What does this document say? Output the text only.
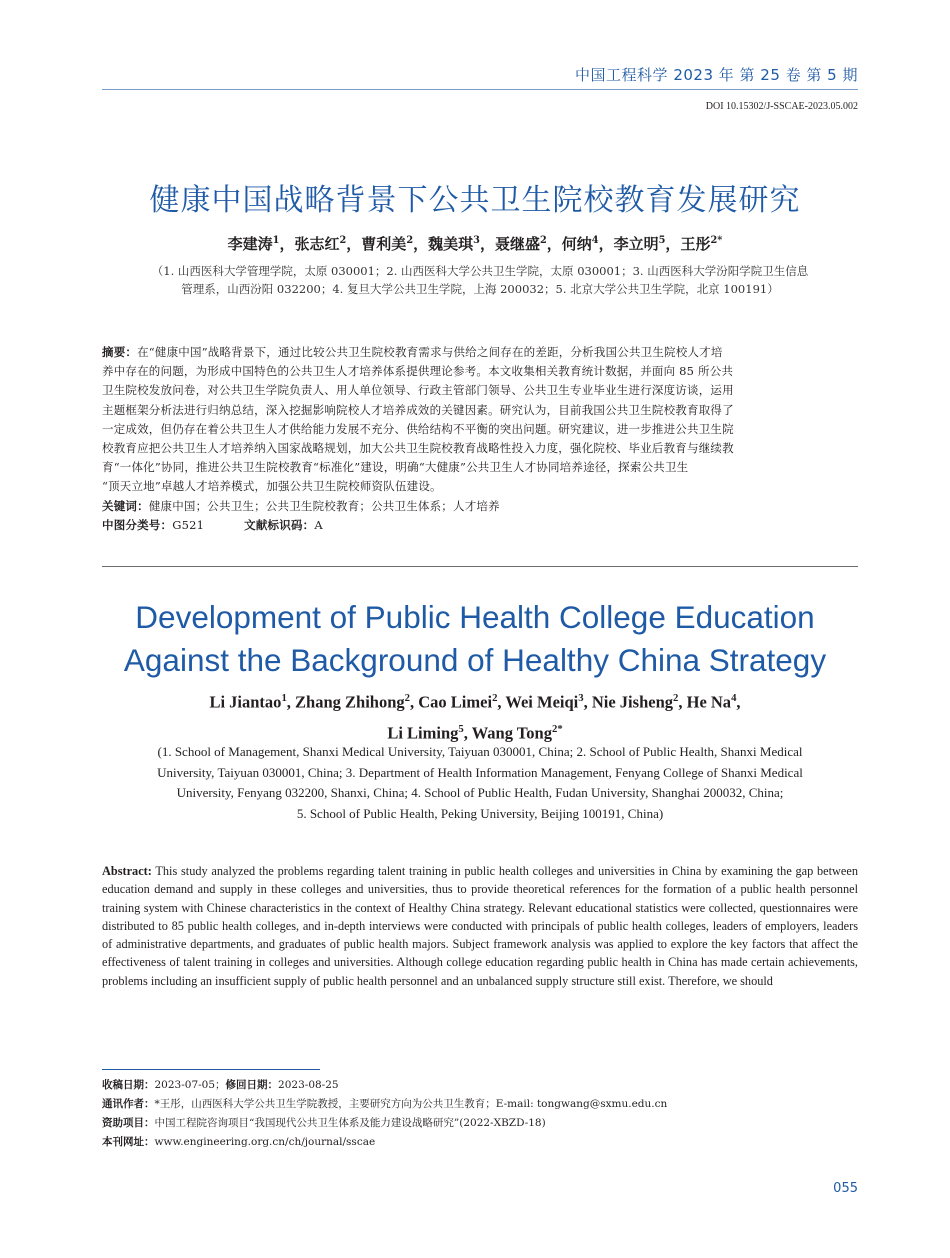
中国工程科学 2023 年 第 25 卷 第 5 期
DOI 10.15302/J-SSCAE-2023.05.002
健康中国战略背景下公共卫生院校教育发展研究
李建涛$^1$，张志红$^2$，曹利美$^2$，魏美琪$^3$，聂继盛$^2$，何纳$^4$，李立明$^5$，王彤$^{2*}$
（1. 山西医科大学管理学院，太原 030001；2. 山西医科大学公共卫生学院，太原 030001；3. 山西医科大学汾阳学院卫生信息
管理系，山西汾阳 032200；4. 复旦大学公共卫生学院，上海 200032；5. 北京大学公共卫生学院，北京 100191）
摘要：在“健康中国”战略背景下，通过比较公共卫生院校教育需求与供给之间存在的差距，分析我国公共卫生院校人才培
养中存在的问题，为形成中国特色的公共卫生人才培养体系提供理论参考。本文收集相关教育统计数据，并面向 85 所公共
卫生院校发放问卷，对公共卫生学院负责人、用人单位领导、行政主管部门领导、公共卫生专业毕业生进行深度访谈，运用
主题框架分析法进行归纳总结，深入挖掘影响院校人才培养成效的关键因素。研究认为，目前我国公共卫生院校教育取得了
一定成效，但仍存在着公共卫生人才供给能力发展不充分、供给结构不平衡的突出问题。研究建议，进一步推进公共卫生院
校教育应把公共卫生人才培养纳入国家战略规划，加大公共卫生院校教育战略性投入力度，强化院校、毕业后教育与继续教
育“一体化”协同，推进公共卫生院校教育“标准化”建设，明确“大健康”公共卫生人才协同培养途径，探索公共卫生
“顶天立地”卓越人才培养模式，加强公共卫生院校师资队伍建设。
关键词：健康中国；公共卫生；公共卫生院校教育；公共卫生体系；人才培养
中图分类号：G521	文献标识码：A
Development of Public Health College Education
Against the Background of Healthy China Strategy
Li Jiantao$^1$, Zhang Zhihong$^2$, Cao Limei$^2$, Wei Meiqi$^3$, Nie Jisheng$^2$, He Na$^4$,
Li Liming$^5$, Wang Tong$^{2*}$
(1. School of Management, Shanxi Medical University, Taiyuan 030001, China; 2. School of Public Health, Shanxi Medical
University, Taiyuan 030001, China; 3. Department of Health Information Management, Fenyang College of Shanxi Medical
University, Fenyang 032200, Shanxi, China; 4. School of Public Health, Fudan University, Shanghai 200032, China;
5. School of Public Health, Peking University, Beijing 100191, China)
Abstract: This study analyzed the problems regarding talent training in public health colleges and universities in China by examining the gap between education demand and supply in these colleges and universities, thus to provide theoretical references for the formation of a public health personnel training system with Chinese characteristics in the context of Healthy China strategy. Relevant educational statistics were collected, questionnaires were distributed to 85 public health colleges, and in-depth interviews were conducted with principals of public health colleges, leaders of employers, leaders of administrative departments, and graduates of public health majors. Subject framework analysis was applied to explore the key factors that affect the effectiveness of talent training in colleges and universities. Although college education regarding public health in China has made certain achievements, problems including an insufficient supply of public health personnel and an unbalanced supply structure still exist. Therefore, we should
收稿日期：2023-07-05；修回日期：2023-08-25
通讯作者：*王彤，山西医科大学公共卫生学院教授，主要研究方向为公共卫生教育；E-mail: tongwang@sxmu.edu.cn
资助项目：中国工程院咨询项目“我国现代公共卫生体系及能力建设战略研究”(2022-XBZD-18)
本刊网址：www.engineering.org.cn/ch/journal/sscae
055
